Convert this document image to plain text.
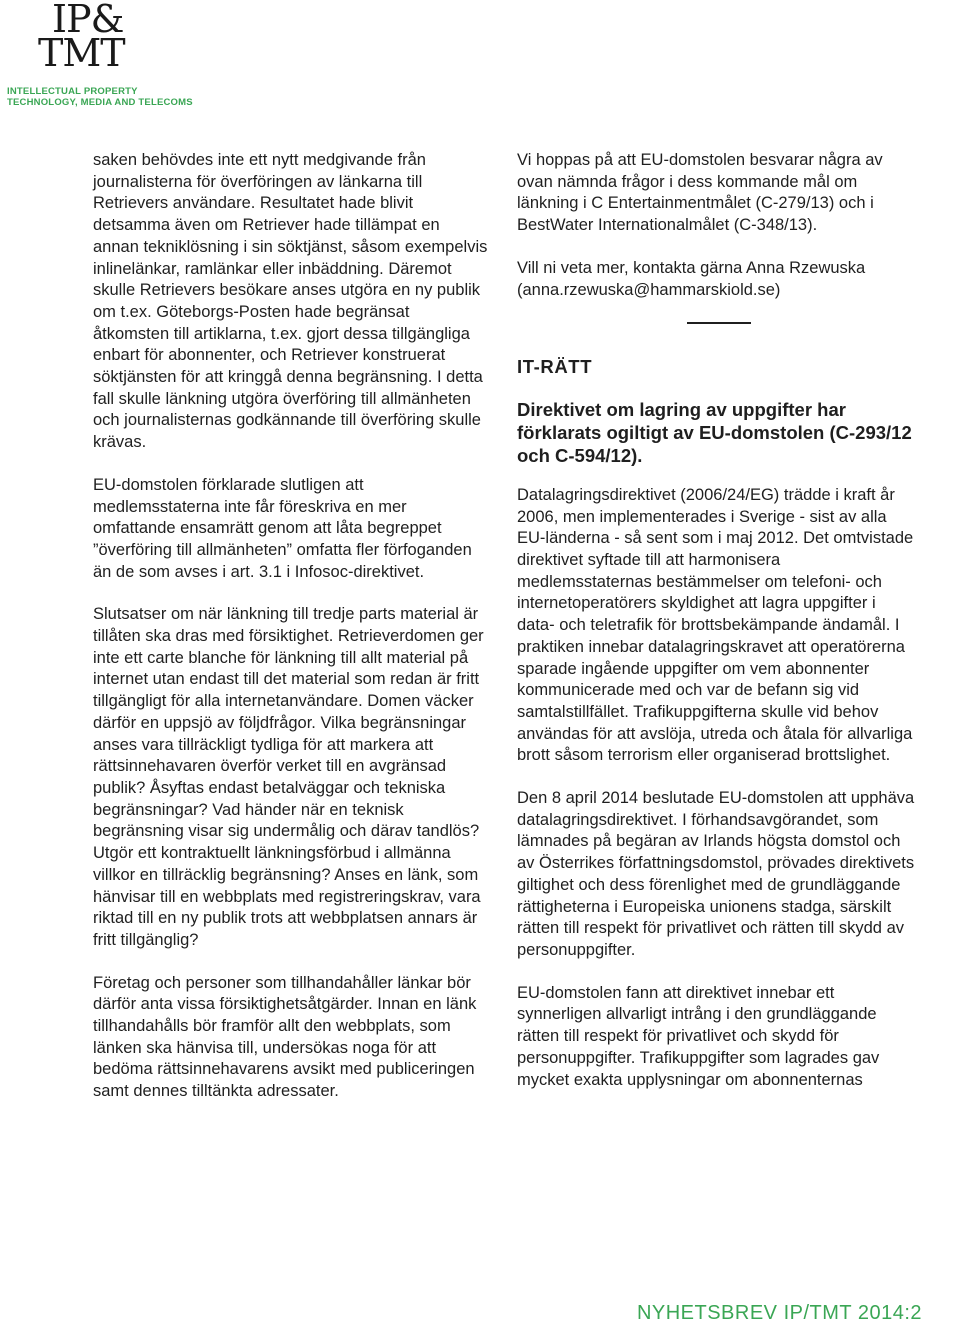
IP&
TMT
INTELLECTUAL PROPERTY
TECHNOLOGY, MEDIA AND TELECOMS

saken behövdes inte ett nytt medgivande från journalisterna för överföringen av länkarna till Retrievers användare. Resultatet hade blivit detsamma även om Retriever hade tillämpat en annan tekniklösning i sin söktjänst, såsom exempelvis inlinelänkar, ramlänkar eller inbäddning. Däremot skulle Retrievers besökare anses utgöra en ny publik om t.ex. Göteborgs-Posten hade begränsat åtkomsten till artiklarna, t.ex. gjort dessa tillgängliga enbart för abonnenter, och Retriever konstruerat söktjänsten för att kringgå denna begränsning. I detta fall skulle länkning utgöra överföring till allmänheten och journalisternas godkännande till överföring skulle krävas.

EU-domstolen förklarade slutligen att medlemsstaterna inte får föreskriva en mer omfattande ensamrätt genom att låta begreppet ”överföring till allmänheten” omfatta fler förfoganden än de som avses i art. 3.1 i Infosoc-direktivet.

Slutsatser om när länkning till tredje parts material är tillåten ska dras med försiktighet. Retrieverdomen ger inte ett carte blanche för länkning till allt material på internet utan endast till det material som redan är fritt tillgängligt för alla internetanvändare. Domen väcker därför en uppsjö av följdfrågor. Vilka begränsningar anses vara tillräckligt tydliga för att markera att rättsinnehavaren överför verket till en avgränsad publik? Åsyftas endast betalväggar och tekniska begränsningar? Vad händer när en teknisk begränsning visar sig undermålig och därav tandlös? Utgör ett kontraktuellt länkningsförbud i allmänna villkor en tillräcklig begränsning? Anses en länk, som hänvisar till en webbplats med registreringskrav, vara riktad till en ny publik trots att webbplatsen annars är fritt tillgänglig?

Företag och personer som tillhandahåller länkar bör därför anta vissa försiktighetsåtgärder. Innan en länk tillhandahålls bör framför allt den webbplats, som länken ska hänvisa till, undersökas noga för att bedöma rättsinnehavarens avsikt med publiceringen samt dennes tilltänkta adressater.

Vi hoppas på att EU-domstolen besvarar några av ovan nämnda frågor i dess kommande mål om länkning i C Entertainmentmålet (C-279/13) och i BestWater Internationalmålet (C-348/13).

Vill ni veta mer, kontakta gärna Anna Rzewuska (anna.rzewuska@hammarskiold.se)

IT-RÄTT
Direktivet om lagring av uppgifter har förklarats ogiltigt av EU-domstolen (C-293/12 och C-594/12).

Datalagringsdirektivet (2006/24/EG) trädde i kraft år 2006, men implementerades i Sverige - sist av alla EU-länderna - så sent som i maj 2012. Det omtvistade direktivet syftade till att harmonisera medlemsstaternas bestämmelser om telefoni- och internetoperatörers skyldighet att lagra uppgifter i data- och teletrafik för brottsbekämpande ändamål. I praktiken innebar datalagringskravet att operatörerna sparade ingående uppgifter om vem abonnenter kommunicerade med och var de befann sig vid samtalstillfället. Trafikuppgifterna skulle vid behov användas för att avslöja, utreda och åtala för allvarliga brott såsom terrorism eller organiserad brottslighet.

Den 8 april 2014 beslutade EU-domstolen att upphäva datalagringsdirektivet. I förhandsavgörandet, som lämnades på begäran av Irlands högsta domstol och av Österrikes författningsdomstol, prövades direktivets giltighet och dess förenlighet med de grundläggande rättigheterna i Europeiska unionens stadga, särskilt rätten till respekt för privatlivet och rätten till skydd av personuppgifter.

EU-domstolen fann att direktivet innebar ett synnerligen allvarligt intrång i den grundläggande rätten till respekt för privatlivet och skydd för personuppgifter. Trafikuppgifter som lagrades gav mycket exakta upplysningar om abonnenternas

NYHETSBREV IP/TMT 2014:2
